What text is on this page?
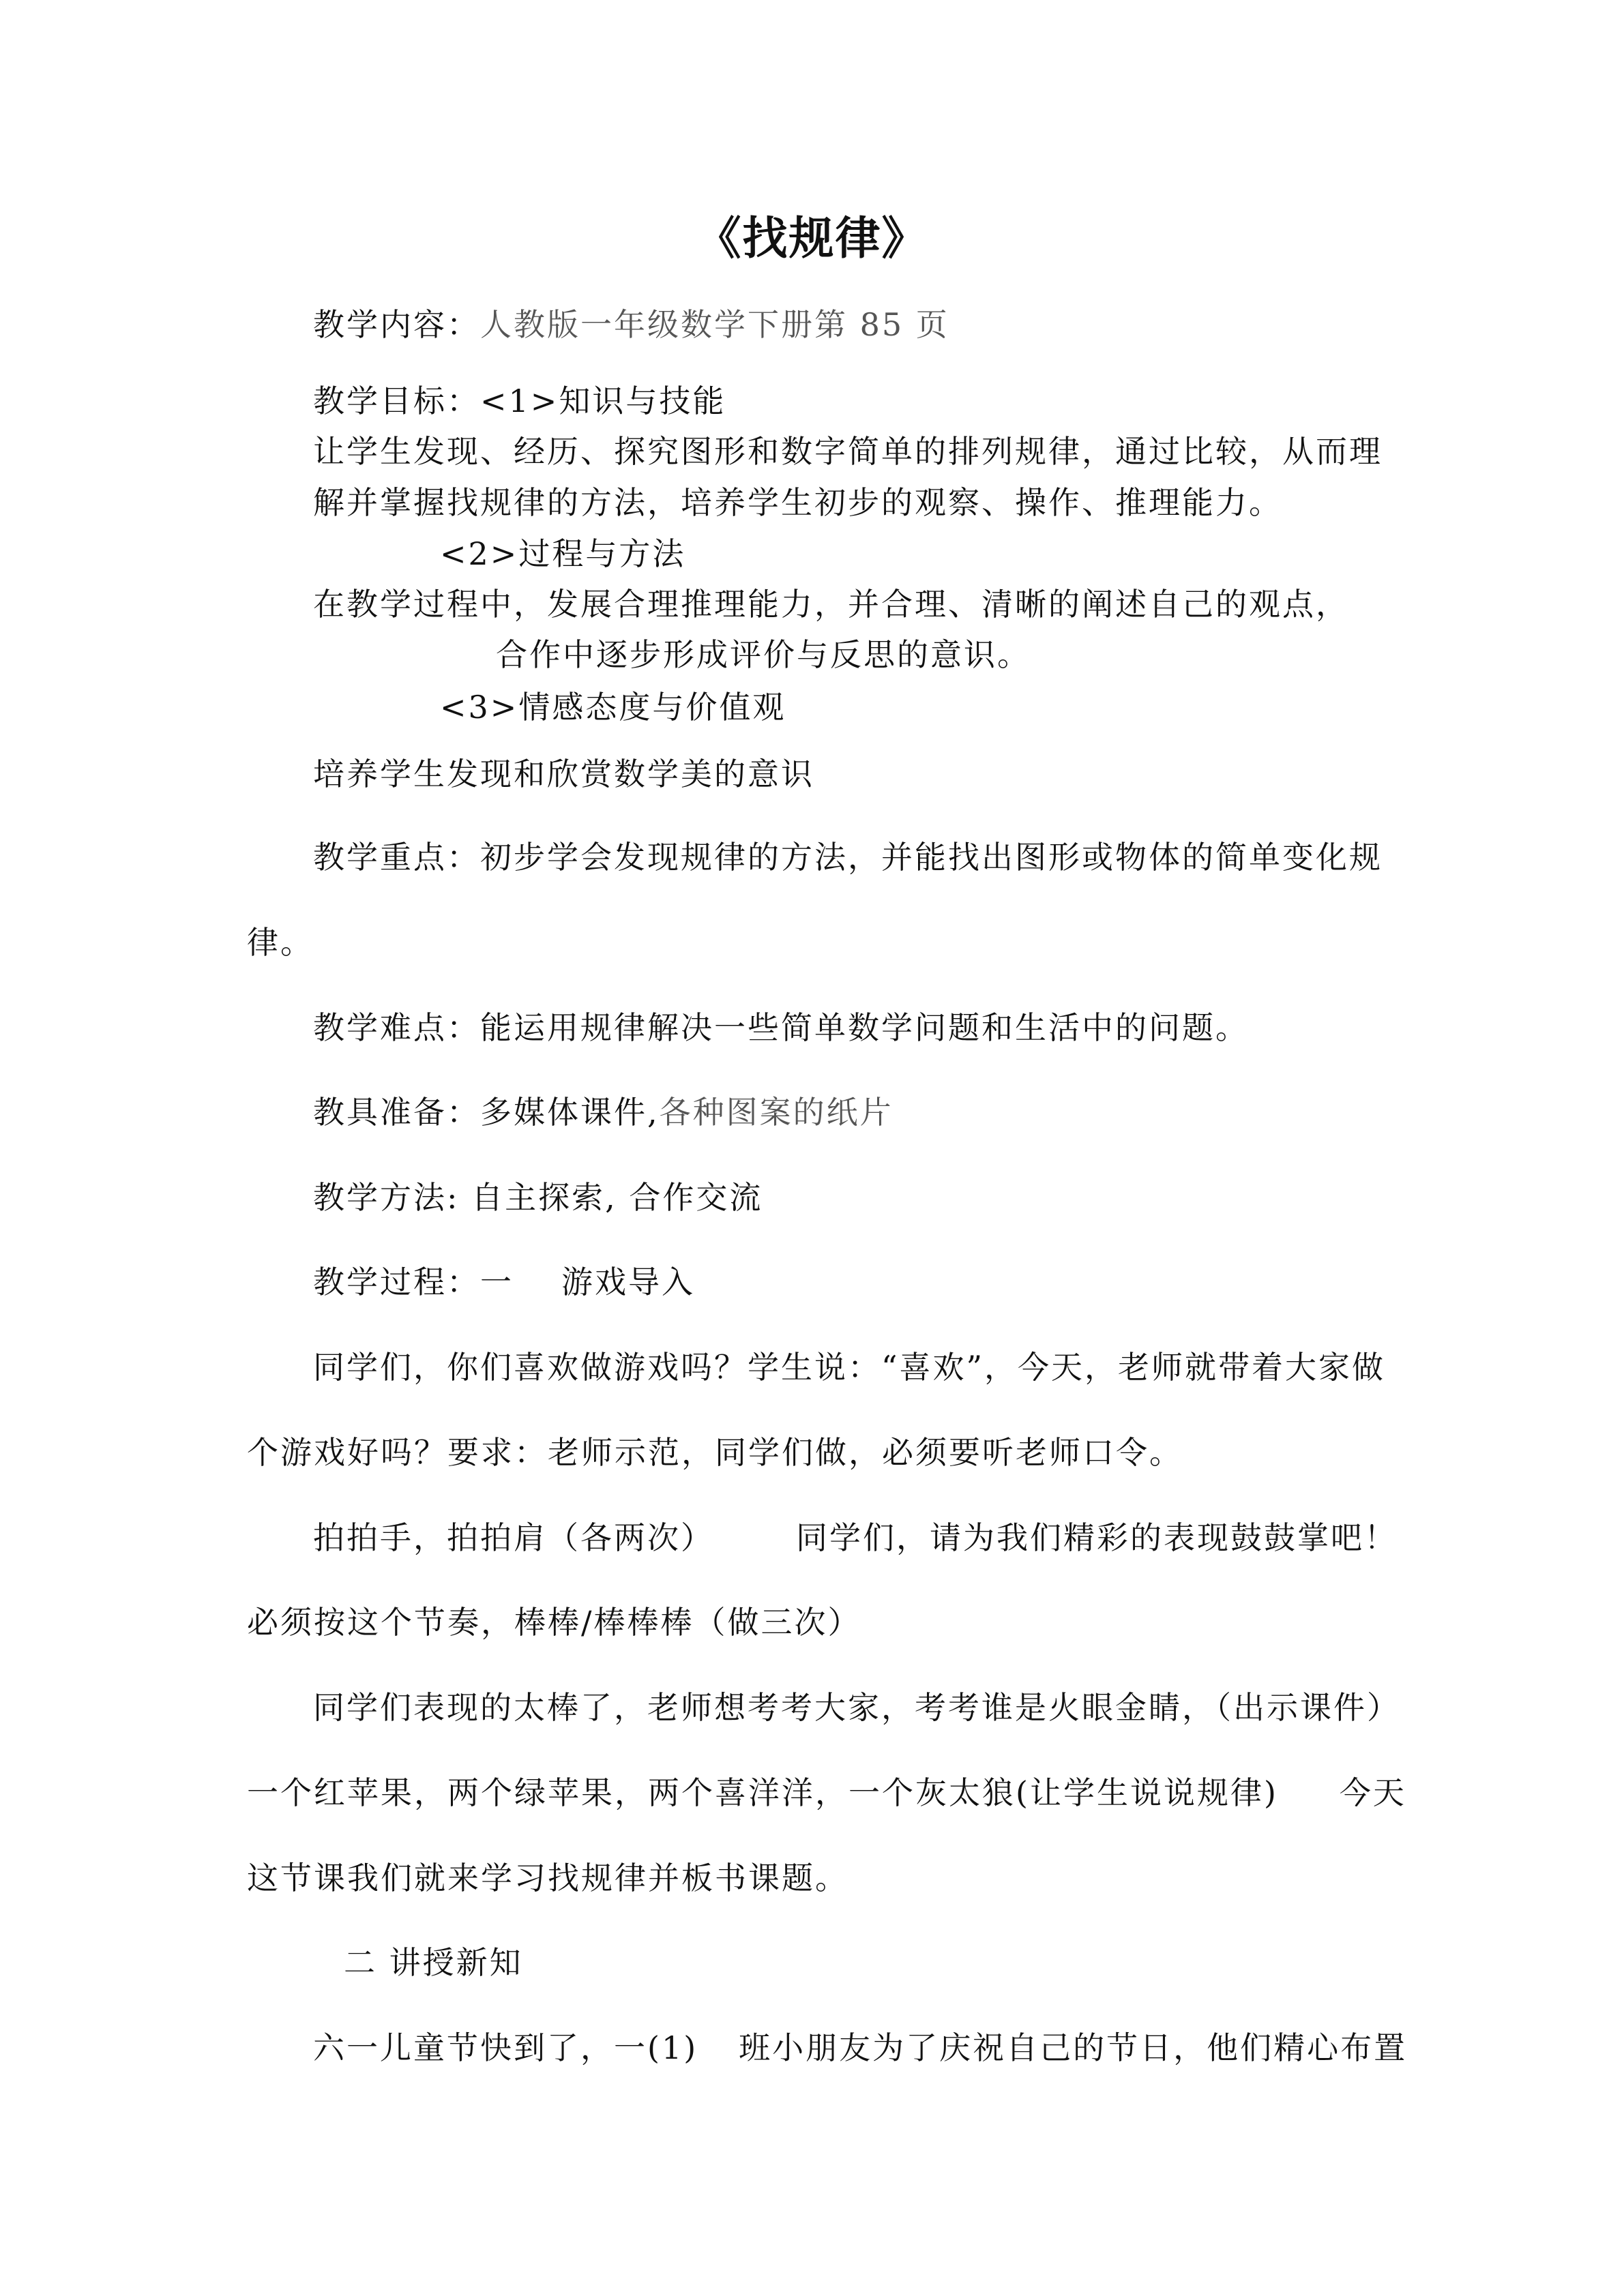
《找规律》
教学内容：人教版一年级数学下册第 85 页
教学目标：<1>知识与技能
让学生发现、经历、探究图形和数字简单的排列规律，通过比较，从而理
解并掌握找规律的方法，培养学生初步的观察、操作、推理能力。
<2>过程与方法
在教学过程中，发展合理推理能力，并合理、清晰的阐述自己的观点，
合作中逐步形成评价与反思的意识。
<3>情感态度与价值观
培养学生发现和欣赏数学美的意识
教学重点：初步学会发现规律的方法，并能找出图形或物体的简单变化规
律。
教学难点：能运用规律解决一些简单数学问题和生活中的问题。
教具准备：多媒体课件,各种图案的纸片
教学方法: 自主探索, 合作交流
教学过程：一 游戏导入
同学们，你们喜欢做游戏吗？学生说：“喜欢”，今天，老师就带着大家做
个游戏好吗？要求：老师示范，同学们做，必须要听老师口令。
拍拍手，拍拍肩（各两次）	同学们，请为我们精彩的表现鼓鼓掌吧！
必须按这个节奏，棒棒/棒棒棒（做三次）
同学们表现的太棒了，老师想考考大家，考考谁是火眼金睛，（出示课件）
一个红苹果，两个绿苹果，两个喜洋洋，一个灰太狼(让学生说说规律) 今天
这节课我们就来学习找规律并板书课题。
二 讲授新知
六一儿童节快到了，一(1) 班小朋友为了庆祝自己的节日，他们精心布置
